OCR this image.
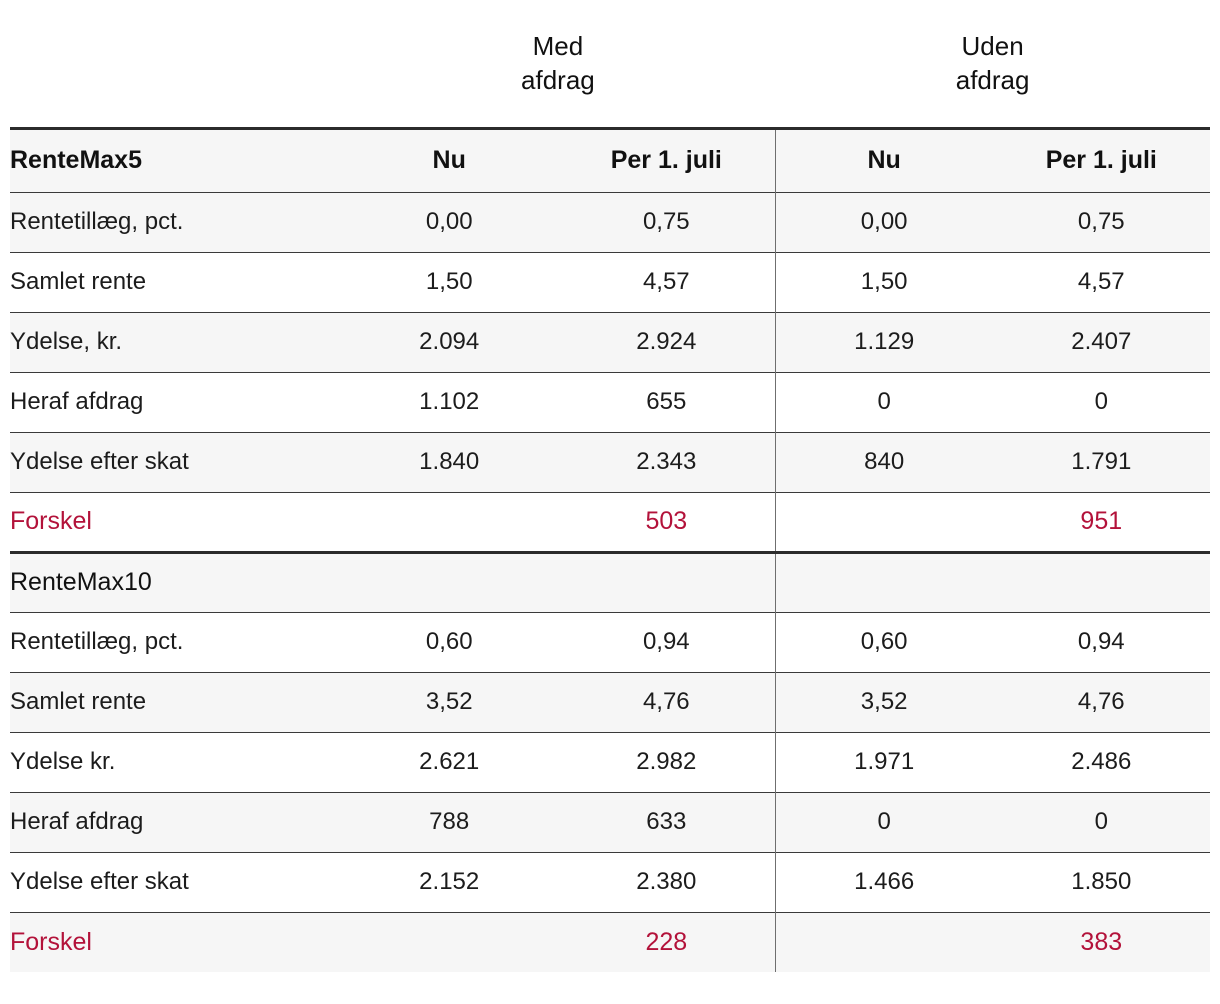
	Med
afdrag		Uden
afdrag	

RenteMax5	Nu	Per 1. juli	Nu	Per 1. juli
Rentetillæg, pct.	0,00	0,75	0,00	0,75
Samlet rente	1,50	4,57	1,50	4,57
Ydelse, kr.	2.094	2.924	1.129	2.407
Heraf afdrag	1.102	655	0	0
Ydelse efter skat	1.840	2.343	840	1.791
Forskel		503		951
RenteMax10				
Rentetillæg, pct.	0,60	0,94	0,60	0,94
Samlet rente	3,52	4,76	3,52	4,76
Ydelse kr.	2.621	2.982	1.971	2.486
Heraf afdrag	788	633	0	0
Ydelse efter skat	2.152	2.380	1.466	1.850
Forskel		228		383
